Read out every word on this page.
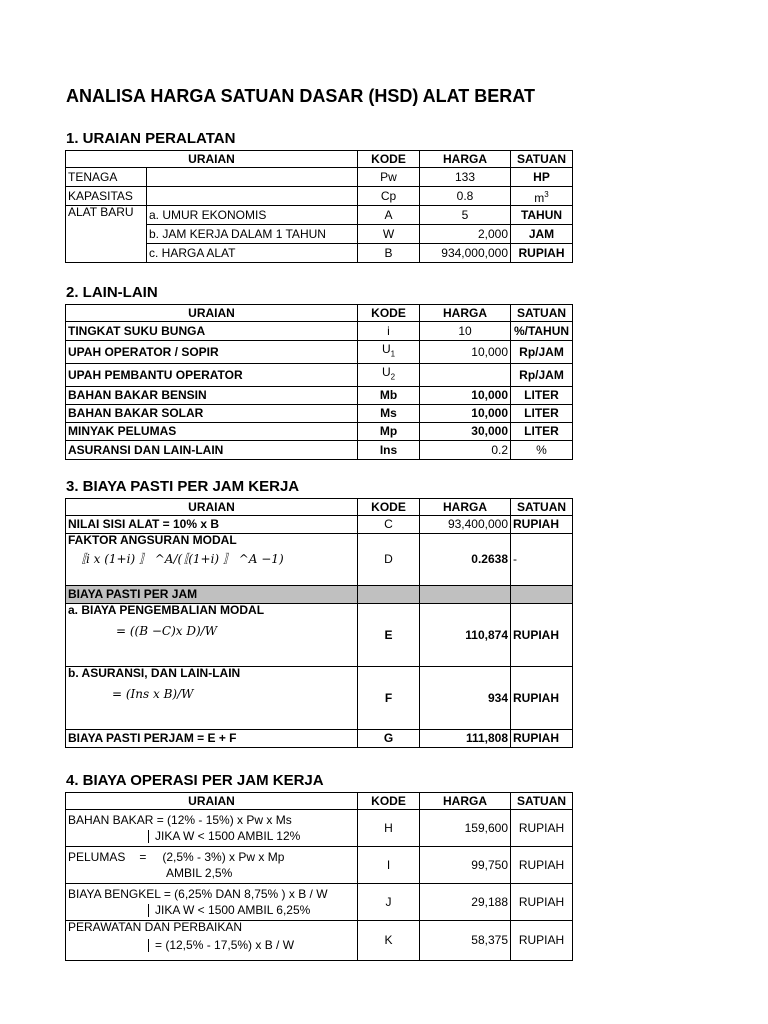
ANALISA HARGA SATUAN DASAR (HSD) ALAT BERAT
1. URAIAN PERALATAN
URAIAN		KODE	HARGA	SATUAN
TENAGA		Pw	133	HP
KAPASITAS		Cp	0.8	$m^3$
ALAT BARU	a. UMUR EKONOMIS	A	5	TAHUN
	b. JAM KERJA DALAM 1 TAHUN	W	2,000	JAM
	c. HARGA ALAT	B	934,000,000	RUPIAH
2. LAIN-LAIN
URAIAN	KODE	HARGA	SATUAN
TINGKAT SUKU BUNGA	i	10	%/TAHUN
UPAH OPERATOR / SOPIR	$U_1$	10,000	Rp/JAM
UPAH PEMBANTU OPERATOR	$U_2$		Rp/JAM
BAHAN BAKAR BENSIN	Mb	10,000	LITER
BAHAN BAKAR SOLAR	Ms	10,000	LITER
MINYAK PELUMAS	Mp	30,000	LITER
ASURANSI DAN LAIN-LAIN	Ins	0.2	%
3. BIAYA PASTI PER JAM KERJA
URAIAN	KODE	HARGA	SATUAN
NILAI SISI ALAT = 10% x B	C	93,400,000	RUPIAH

FAKTOR ANGSURAN MODAL
〚i x (1+i) 〛 ^A/(〚(1+i) 〛 ^A −1)	D	0.2638	-
BIAYA PASTI PER JAM			

a. BIAYA PENGEMBALIAN MODAL
= ((B −C)x D)/W	E	110,874	RUPIAH

b. ASURANSI, DAN LAIN-LAIN
= (Ins x B)/W	F	934	RUPIAH
BIAYA PASTI PERJAM = E + F	G	111,808	RUPIAH
4. BIAYA OPERASI PER JAM KERJA
URAIAN	KODE	HARGA	SATUAN

BAHAN BAKAR = (12% - 15%) x Pw x Ms
JIKA W < 1500 AMBIL 12%	H	159,600	RUPIAH

PELUMAS = (2,5% - 3%) x Pw x Mp
AMBIL 2,5%	I	99,750	RUPIAH

BIAYA BENGKEL = (6,25% DAN 8,75% ) x B / W
JIKA W < 1500 AMBIL 6,25%	J	29,188	RUPIAH

PERAWATAN DAN PERBAIKAN
= (12,5% - 17,5%) x B / W	K	58,375	RUPIAH
